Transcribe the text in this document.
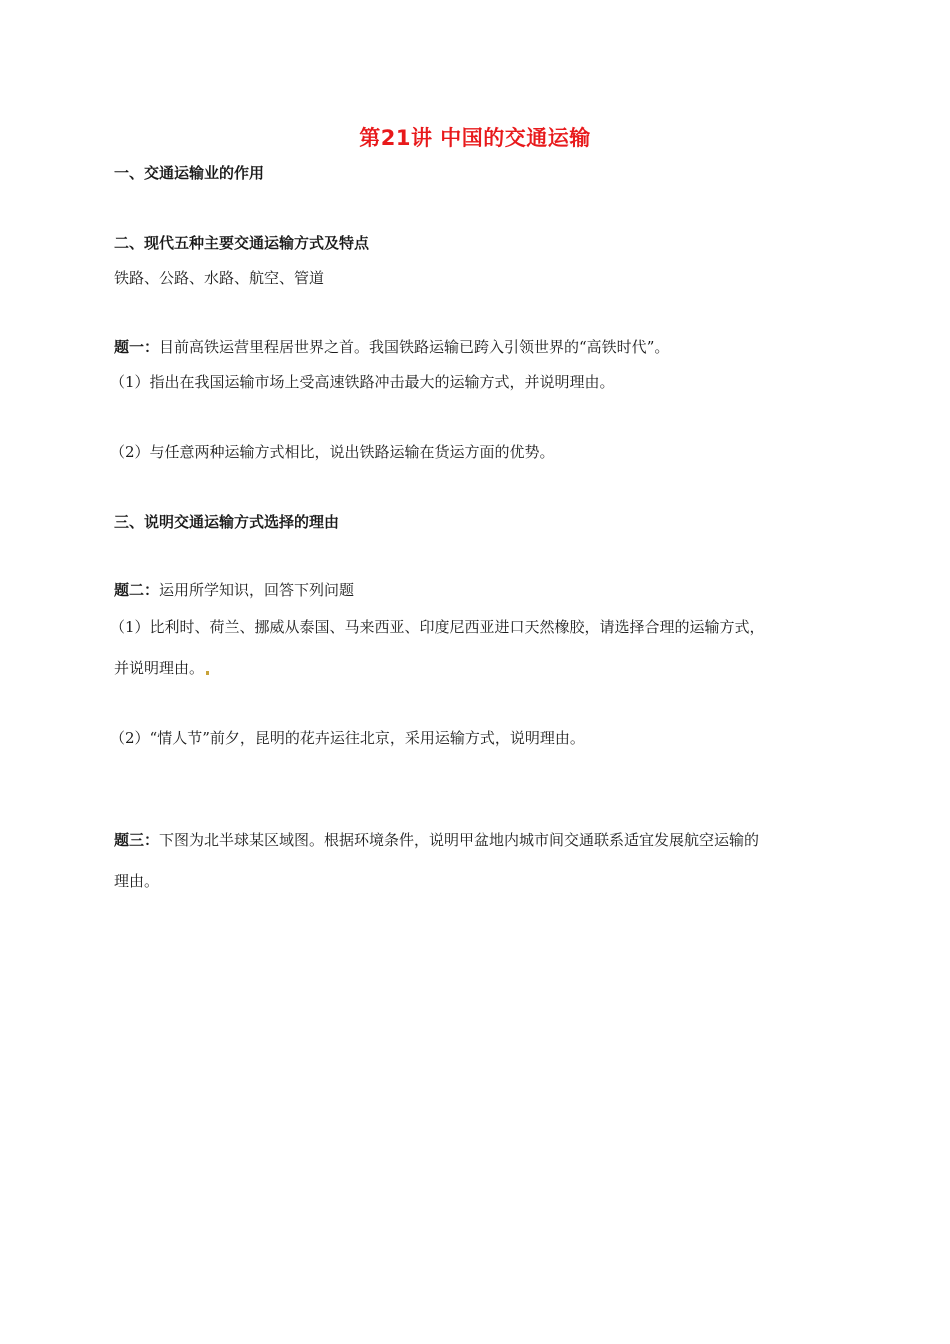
第21讲 中国的交通运输
一、交通运输业的作用
二、现代五种主要交通运输方式及特点
铁路、公路、水路、航空、管道
题一：目前高铁运营里程居世界之首。我国铁路运输已跨入引领世界的“高铁时代”。
（1）指出在我国运输市场上受高速铁路冲击最大的运输方式，并说明理由。
（2）与任意两种运输方式相比，说出铁路运输在货运方面的优势。
三、说明交通运输方式选择的理由
题二：运用所学知识，回答下列问题
（1）比利时、荷兰、挪威从泰国、马来西亚、印度尼西亚进口天然橡胶，请选择合理的运输方式，
并说明理由。
（2）“情人节”前夕，昆明的花卉运往北京，采用运输方式，说明理由。
题三：下图为北半球某区域图。根据环境条件，说明甲盆地内城市间交通联系适宜发展航空运输的
理由。
